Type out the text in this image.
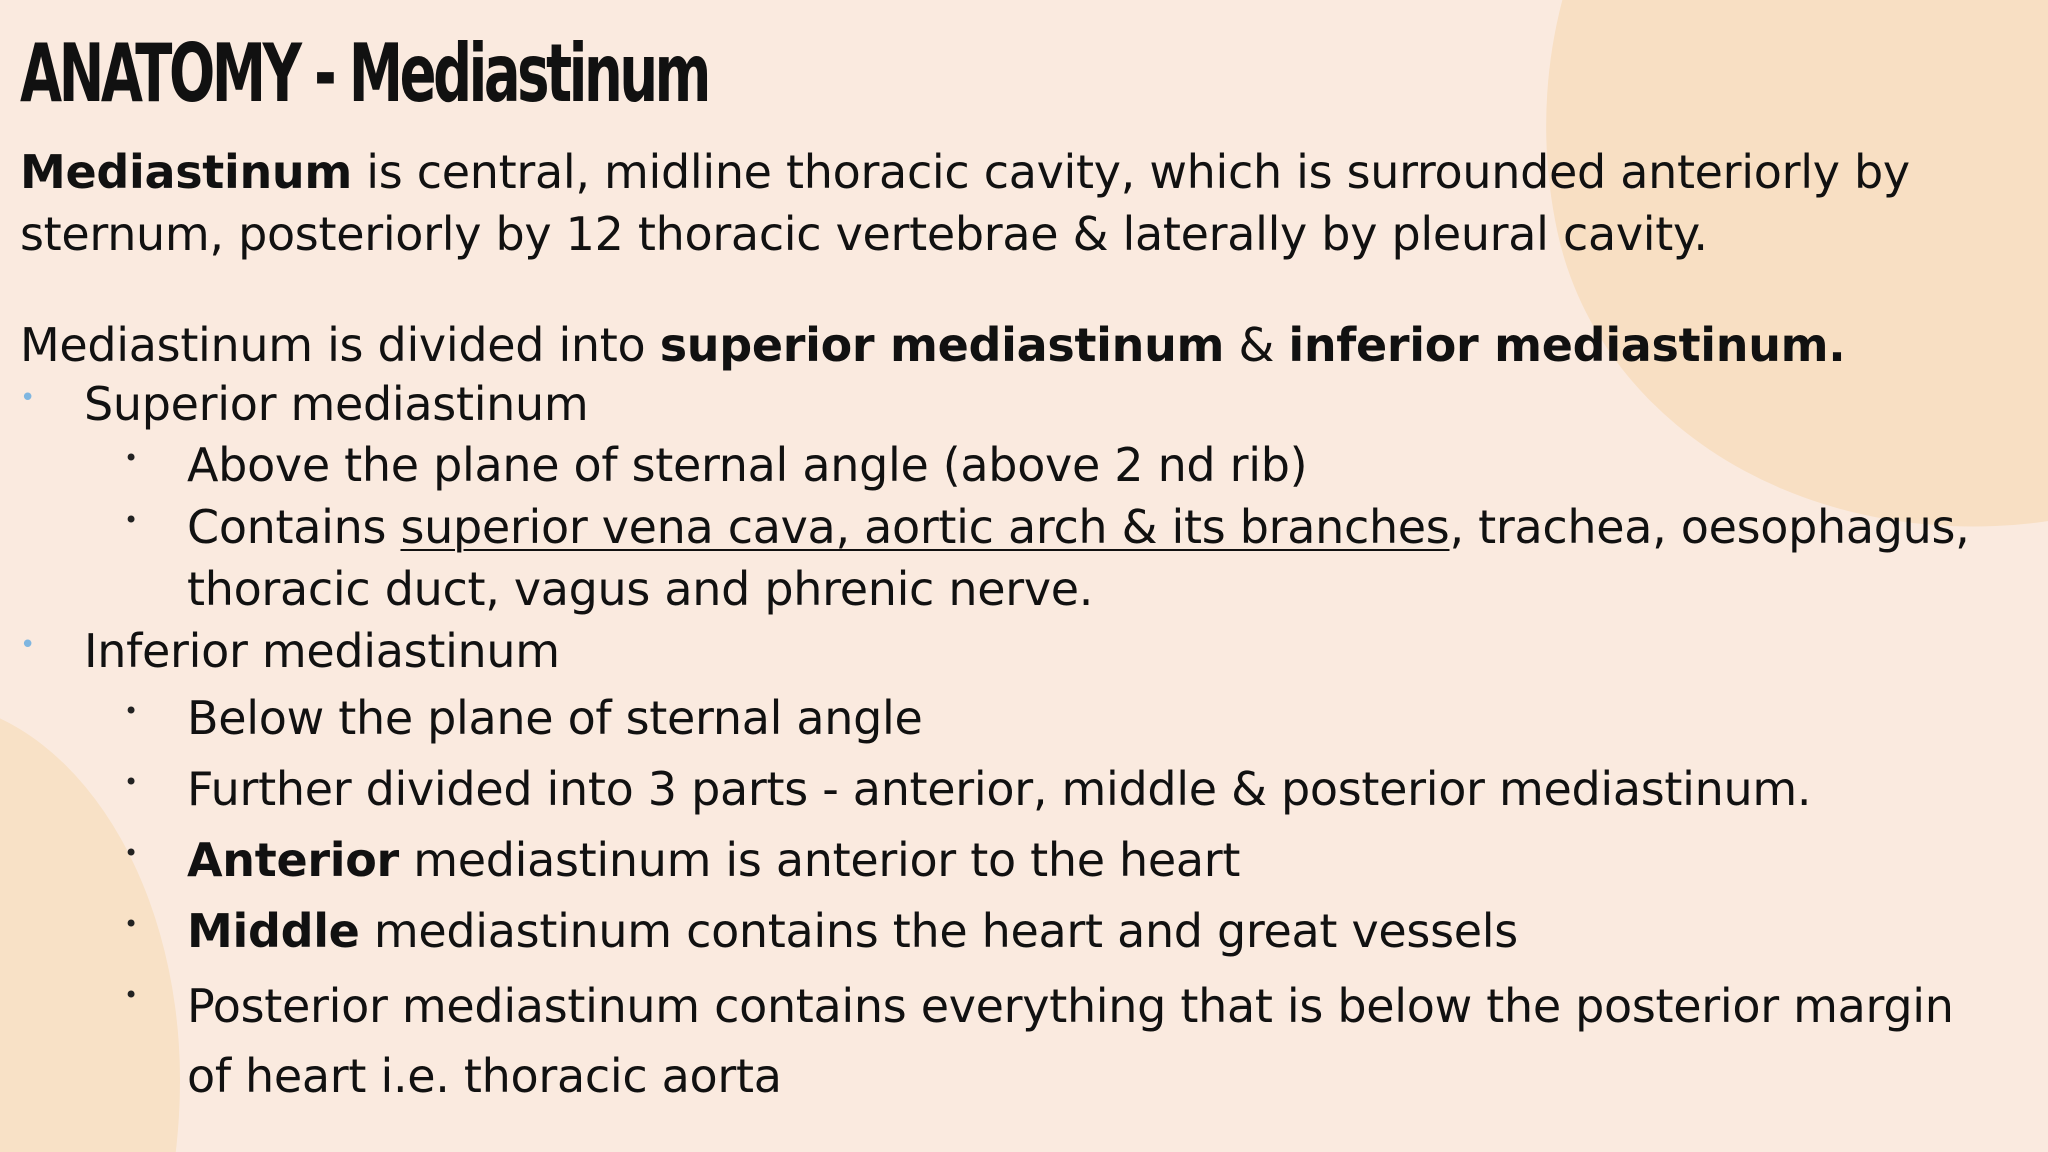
ANATOMY - Mediastinum

Mediastinum is central, midline thoracic cavity, which is surrounded anteriorly by sternum, posteriorly by 12 thoracic vertebrae & laterally by pleural cavity.

Mediastinum is divided into superior mediastinum & inferior mediastinum.

• Superior mediastinum

• Above the plane of sternal angle (above 2 nd rib)

• Contains superior vena cava, aortic arch & its branches, trachea, oesophagus, thoracic duct, vagus and phrenic nerve.

• Inferior mediastinum

• Below the plane of sternal angle

• Further divided into 3 parts - anterior, middle & posterior mediastinum.

• Anterior mediastinum is anterior to the heart

• Middle mediastinum contains the heart and great vessels

• Posterior mediastinum contains everything that is below the posterior margin of heart i.e. thoracic aorta
